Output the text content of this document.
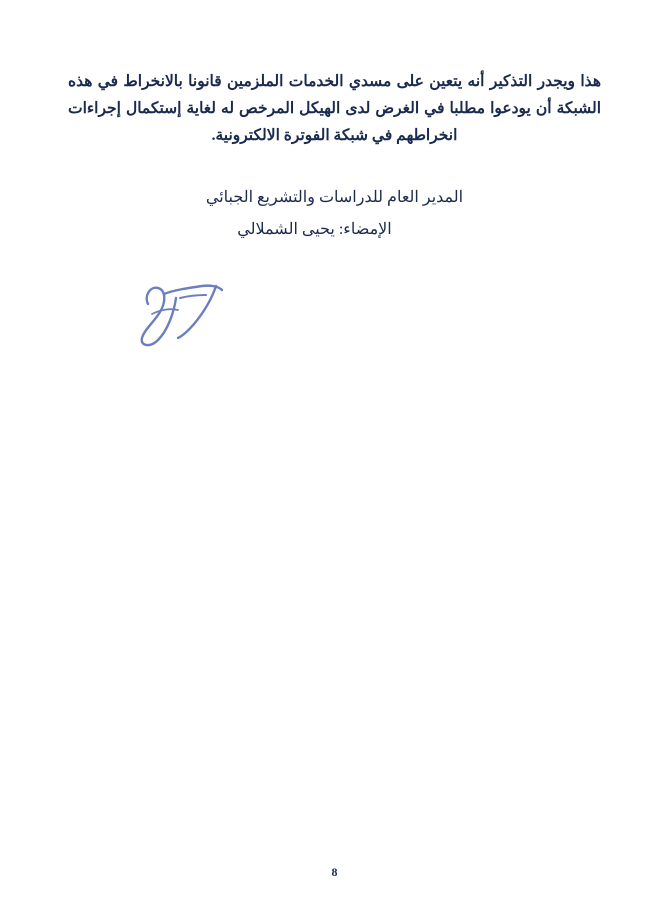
هذا ويجدر التذكير أنه يتعين على مسدي الخدمات الملزمين قانونا بالانخراط في هذه الشبكة أن يودعوا مطلبا في الغرض لدى الهيكل المرخص له لغاية إستكمال إجراءات انخراطهم في شبكة الفوترة الالكترونية.

المدير العام للدراسات والتشريع الجبائي
الإمضاء: يحيى الشملالي
8
